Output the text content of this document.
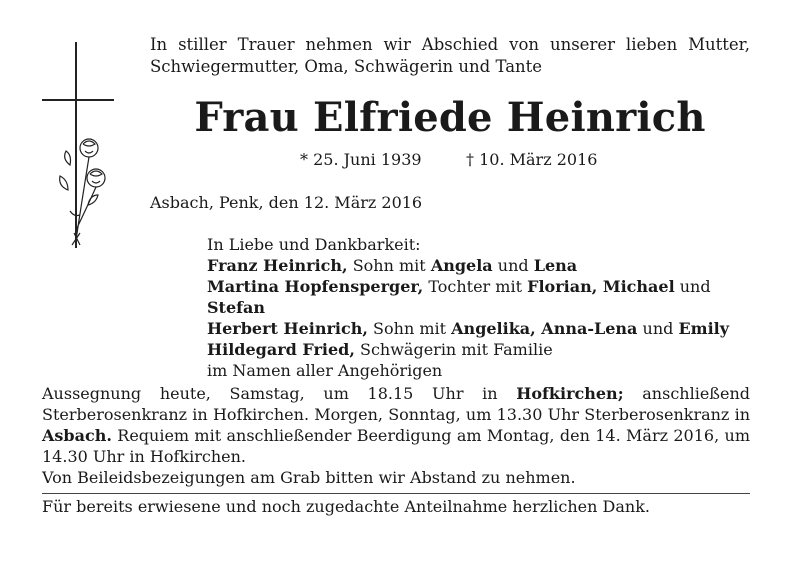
In stiller Trauer nehmen wir Abschied von unserer lieben Mutter,
Schwiegermutter, Oma, Schwägerin und Tante
Frau Elfriede Heinrich
* 25. Juni 1939	† 10. März 2016
Asbach, Penk, den 12. März 2016
In Liebe und Dankbarkeit:
Franz Heinrich, Sohn mit Angela und Lena
Martina Hopfensperger, Tochter mit Florian, Michael und Stefan
Herbert Heinrich, Sohn mit Angelika, Anna-Lena und Emily
Hildegard Fried, Schwägerin mit Familie
im Namen aller Angehörigen
Aussegnung heute, Samstag, um 18.15 Uhr in Hofkirchen; anschließend Sterberosenkranz in Hofkirchen. Morgen, Sonntag, um 13.30 Uhr Sterberosenkranz in Asbach. Requiem mit anschließender Beerdigung am Montag, den 14. März 2016, um 14.30 Uhr in Hofkirchen.
Von Beileidsbezeigungen am Grab bitten wir Abstand zu nehmen.
Für bereits erwiesene und noch zugedachte Anteilnahme herzlichen Dank.
